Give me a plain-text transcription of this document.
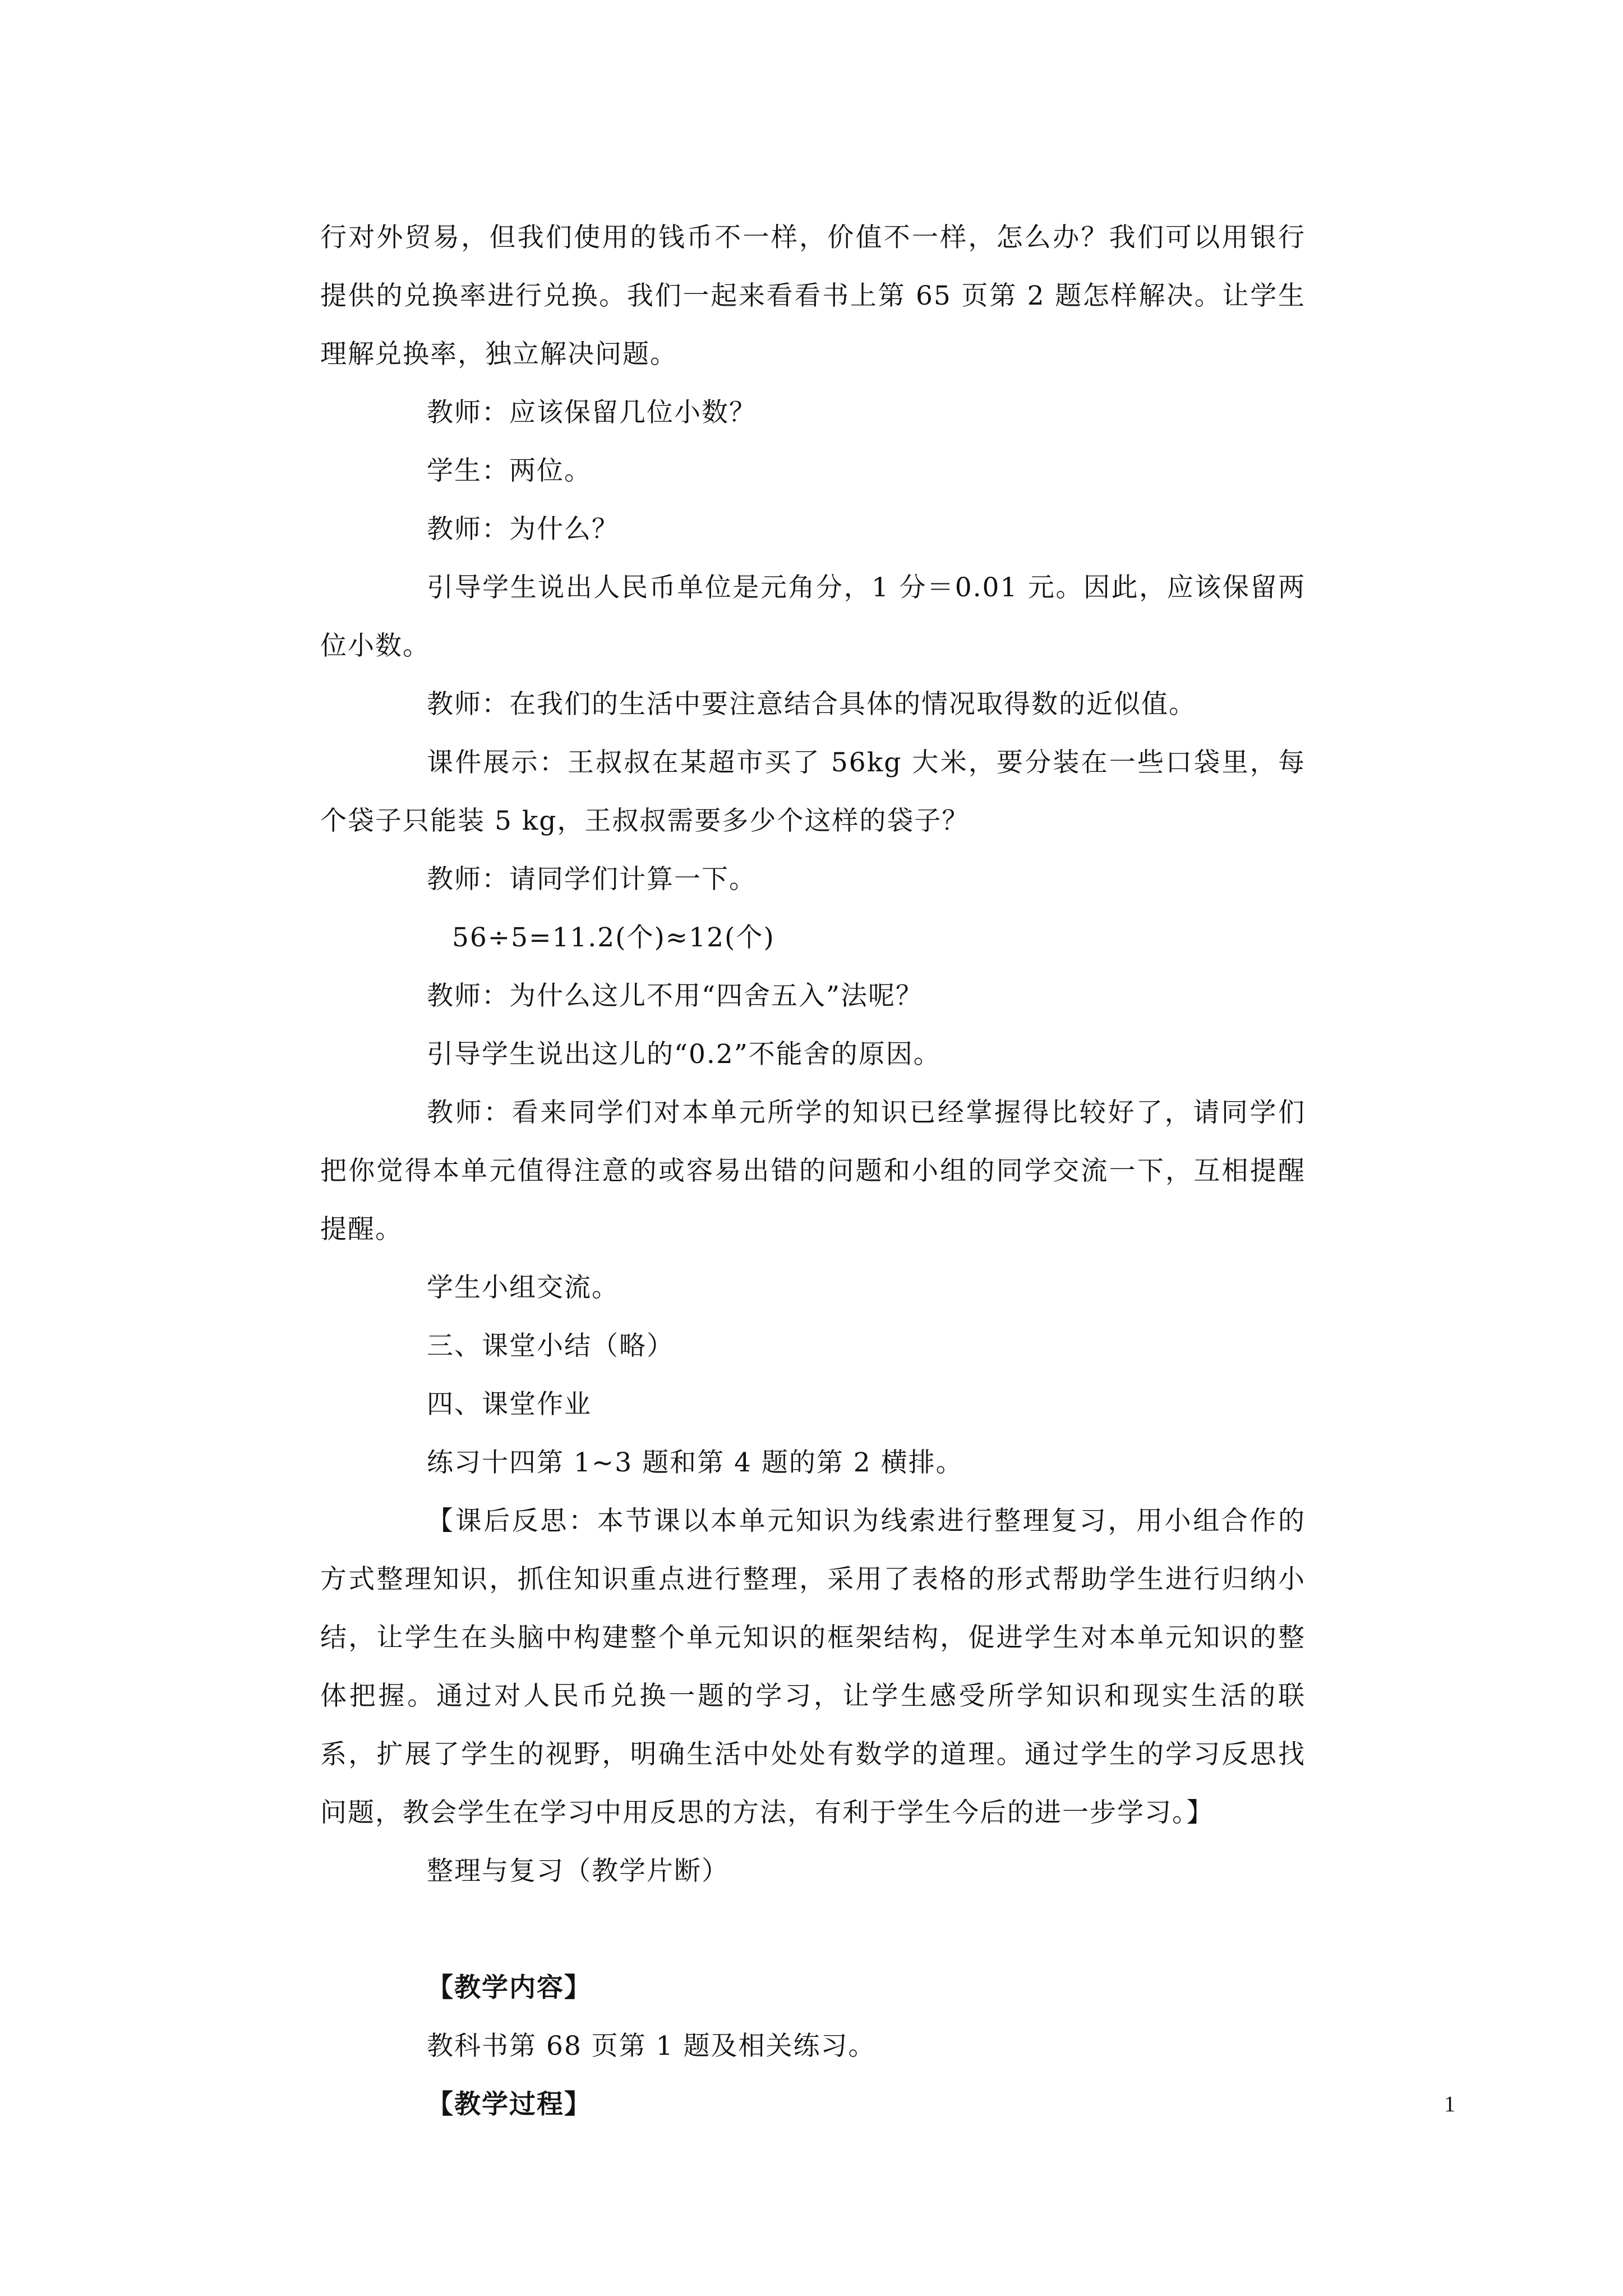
行对外贸易，但我们使用的钱币不一样，价值不一样，怎么办？我们可以用银行提供的兑换率进行兑换。我们一起来看看书上第 65 页第 2 题怎样解决。让学生理解兑换率，独立解决问题。

教师：应该保留几位小数？

学生：两位。

教师：为什么？

引导学生说出人民币单位是元角分，1 分＝0.01 元。因此，应该保留两位小数。

教师：在我们的生活中要注意结合具体的情况取得数的近似值。

课件展示：王叔叔在某超市买了 56kg 大米，要分装在一些口袋里，每个袋子只能装 5 kg，王叔叔需要多少个这样的袋子？

教师：请同学们计算一下。

56÷5=11.2(个)≈12(个)

教师：为什么这儿不用“四舍五入”法呢？

引导学生说出这儿的“0.2”不能舍的原因。

教师：看来同学们对本单元所学的知识已经掌握得比较好了，请同学们把你觉得本单元值得注意的或容易出错的问题和小组的同学交流一下，互相提醒提醒。

学生小组交流。

三、课堂小结（略）

四、课堂作业

练习十四第 1~3 题和第 4 题的第 2 横排。

【课后反思：本节课以本单元知识为线索进行整理复习，用小组合作的方式整理知识，抓住知识重点进行整理，采用了表格的形式帮助学生进行归纳小结，让学生在头脑中构建整个单元知识的框架结构，促进学生对本单元知识的整体把握。通过对人民币兑换一题的学习，让学生感受所学知识和现实生活的联系，扩展了学生的视野，明确生活中处处有数学的道理。通过学生的学习反思找问题，教会学生在学习中用反思的方法，有利于学生今后的进一步学习。】

整理与复习（教学片断）

【教学内容】

教科书第 68 页第 1 题及相关练习。

【教学过程】	1
